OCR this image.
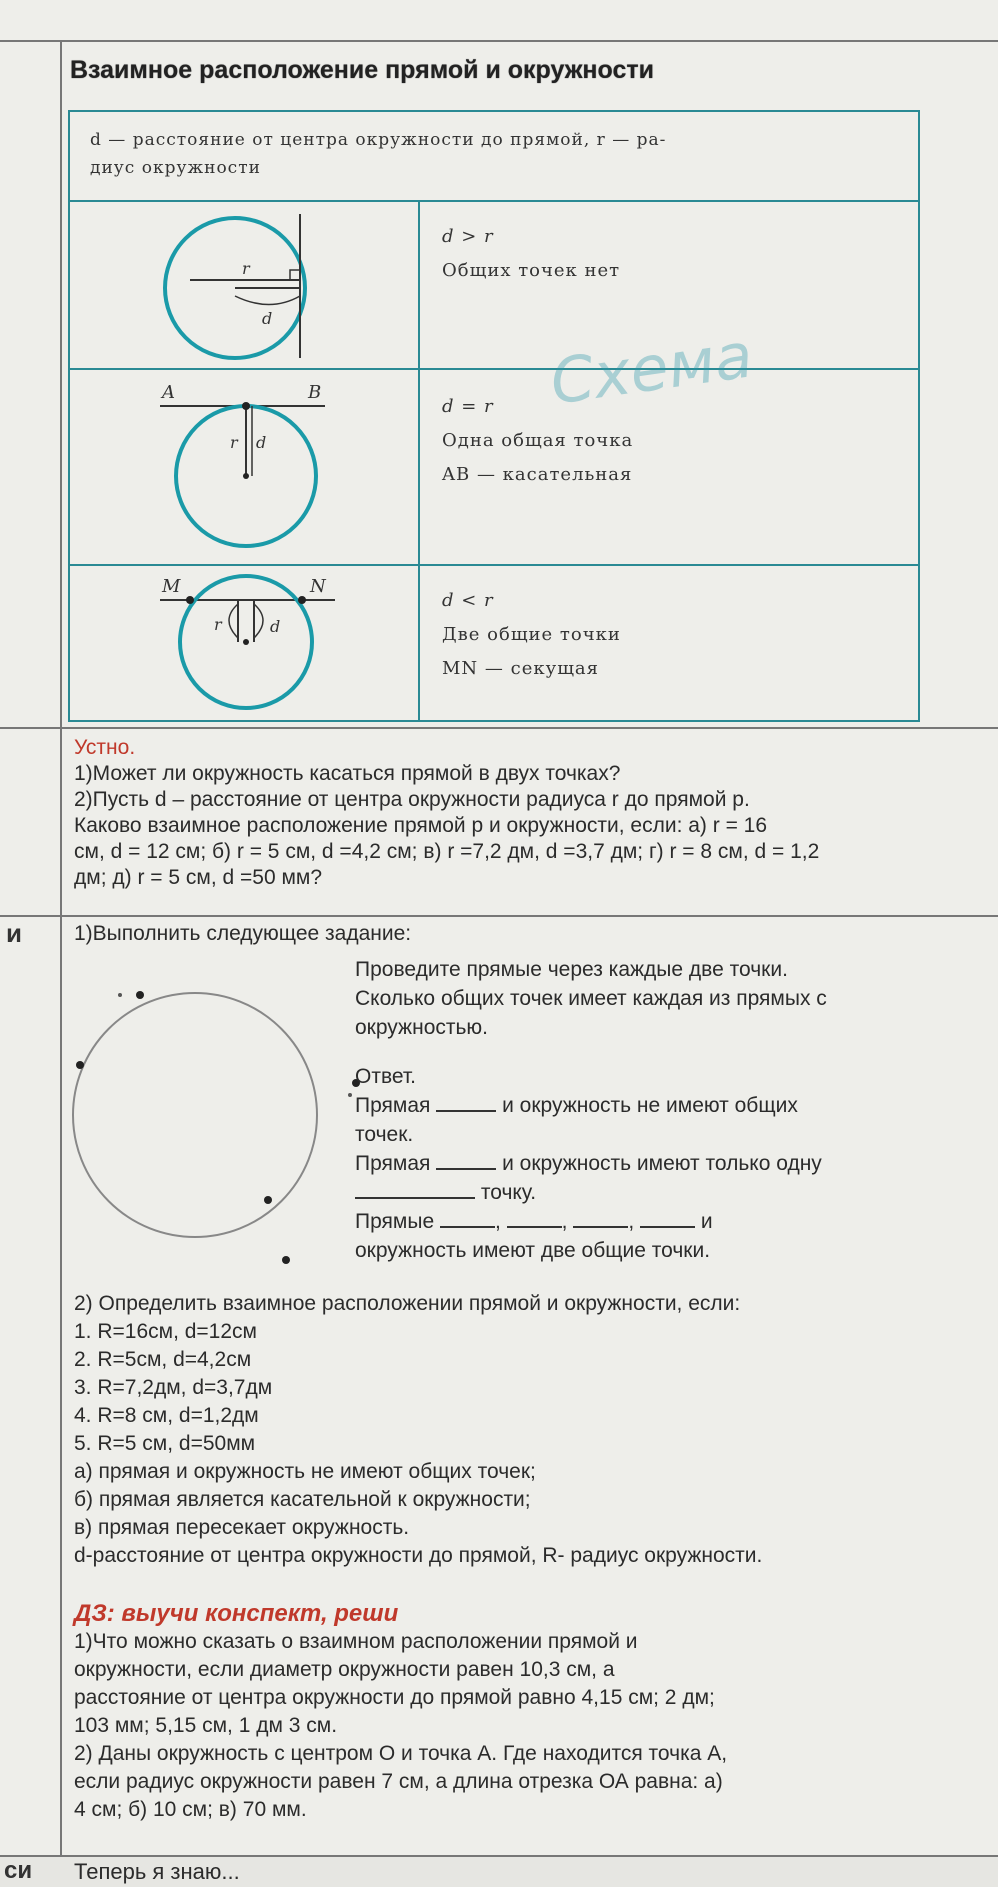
и
Взаимное расположение прямой и окружности
d — расстояние от центра окружности до прямой, r — ра-
диус окружности
r
d
d > r
Общих точек нет
A	B
r d
d = r
Одна общая точка
AB — касательная
M	N
r	d
d < r
Две общие точки
MN — секущая
Схема
Устно.
1)Может ли окружность касаться прямой в двух точках?
2)Пусть d – расстояние от центра окружности радиуса r до прямой p.
Каково взаимное расположение прямой p и окружности, если: а) r = 16
см, d = 12 см; б) r = 5 см, d =4,2 см; в) r =7,2 дм, d =3,7 дм; г) r = 8 см, d = 1,2
дм; д) r = 5 см, d =50 мм?
1)Выполнить следующее задание:
Проведите прямые через каждые две точки.
Сколько общих точек имеет каждая из прямых с
окружностью.
Ответ.
Прямая	и окружность не имеют общих
точек.
Прямая	и окружность имеют только одну
точку.
Прямые	,	,	,	и
окружность имеют две общие точки.
2) Определить взаимное расположении прямой и окружности, если:
1. R=16см, d=12см
2. R=5см, d=4,2см
3. R=7,2дм, d=3,7дм
4. R=8 см, d=1,2дм
5. R=5 см, d=50мм
а) прямая и окружность не имеют общих точек;
б) прямая является касательной к окружности;
в) прямая пересекает окружность.
d-расстояние от центра окружности до прямой, R- радиус окружности.
ДЗ: выучи конспект, реши
1)Что можно сказать о взаимном расположении прямой и
окружности, если диаметр окружности равен 10,3 см, а
расстояние от центра окружности до прямой равно 4,15 см; 2 дм;
103 мм; 5,15 см, 1 дм 3 см.
2) Даны окружность с центром О и точка А. Где находится точка А,
если радиус окружности равен 7 см, а длина отрезка ОА равна: а)
4 см; б) 10 см; в) 70 мм.
си Теперь я знаю...
